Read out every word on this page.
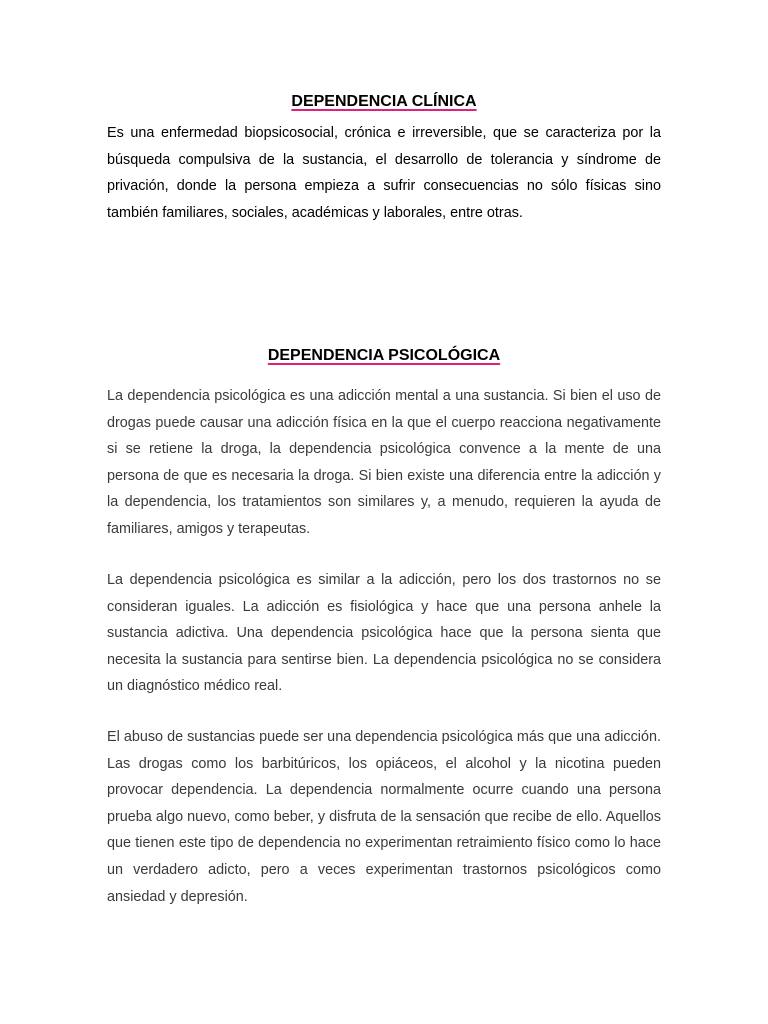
DEPENDENCIA CLÍNICA

Es una enfermedad biopsicosocial, crónica e irreversible, que se caracteriza por la búsqueda compulsiva de la sustancia, el desarrollo de tolerancia y síndrome de privación, donde la persona empieza a sufrir consecuencias no sólo físicas sino también familiares, sociales, académicas y laborales, entre otras.

DEPENDENCIA PSICOLÓGICA

La dependencia psicológica es una adicción mental a una sustancia. Si bien el uso de drogas puede causar una adicción física en la que el cuerpo reacciona negativamente si se retiene la droga, la dependencia psicológica convence a la mente de una persona de que es necesaria la droga. Si bien existe una diferencia entre la adicción y la dependencia, los tratamientos son similares y, a menudo, requieren la ayuda de familiares, amigos y terapeutas.

La dependencia psicológica es similar a la adicción, pero los dos trastornos no se consideran iguales. La adicción es fisiológica y hace que una persona anhele la sustancia adictiva. Una dependencia psicológica hace que la persona sienta que necesita la sustancia para sentirse bien. La dependencia psicológica no se considera un diagnóstico médico real.

El abuso de sustancias puede ser una dependencia psicológica más que una adicción. Las drogas como los barbitúricos, los opiáceos, el alcohol y la nicotina pueden provocar dependencia. La dependencia normalmente ocurre cuando una persona prueba algo nuevo, como beber, y disfruta de la sensación que recibe de ello. Aquellos que tienen este tipo de dependencia no experimentan retraimiento físico como lo hace un verdadero adicto, pero a veces experimentan trastornos psicológicos como ansiedad y depresión.
